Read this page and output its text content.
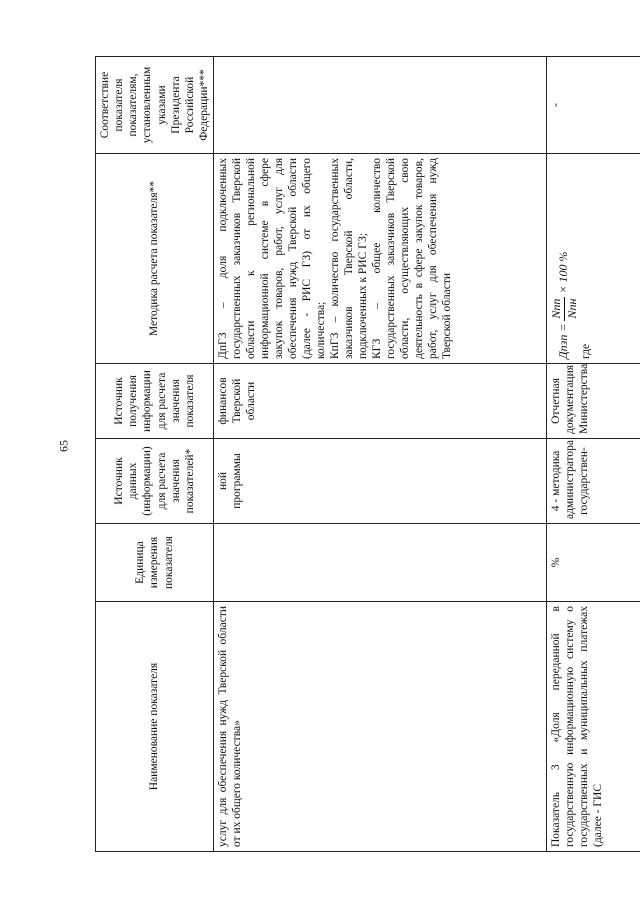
65
Наименование показателя	Единица измерения показателя	Источник данных (информации) для расчета значения показателей*	Источник получения информации для расчета значения показателя	Методика расчета показателя**	Соответствие показателя показателям, установленным указами Президента Российской Федерации***
услуг для обеспечения нужд Тверской области от их общего количества»		ной программы	финансов Тверской области	ДпГЗ – доля подключенных государственных заказчиков Тверской области к региональной информационной системе в сфере закупок товаров, работ, услуг для обеспечения нужд Тверской области (далее - РИС ГЗ) от их общего количества; КпГЗ – количество государственных заказчиков Тверской области, подключенных к РИС ГЗ; КГЗ – общее количество государственных заказчиков Тверской области, осуществляющих свою деятельность в сфере закупок товаров, работ, услуг для обеспечения нужд Тверской области	

Показатель 3 «Доля переданной в государственную информационную систему о государственных и муниципальных платежах (далее - ГИС	%	4 - методика администратора государствен-	Отчетная документация Министерства	Дпзп =
Nпп Nпн
× 100 %
где	-
